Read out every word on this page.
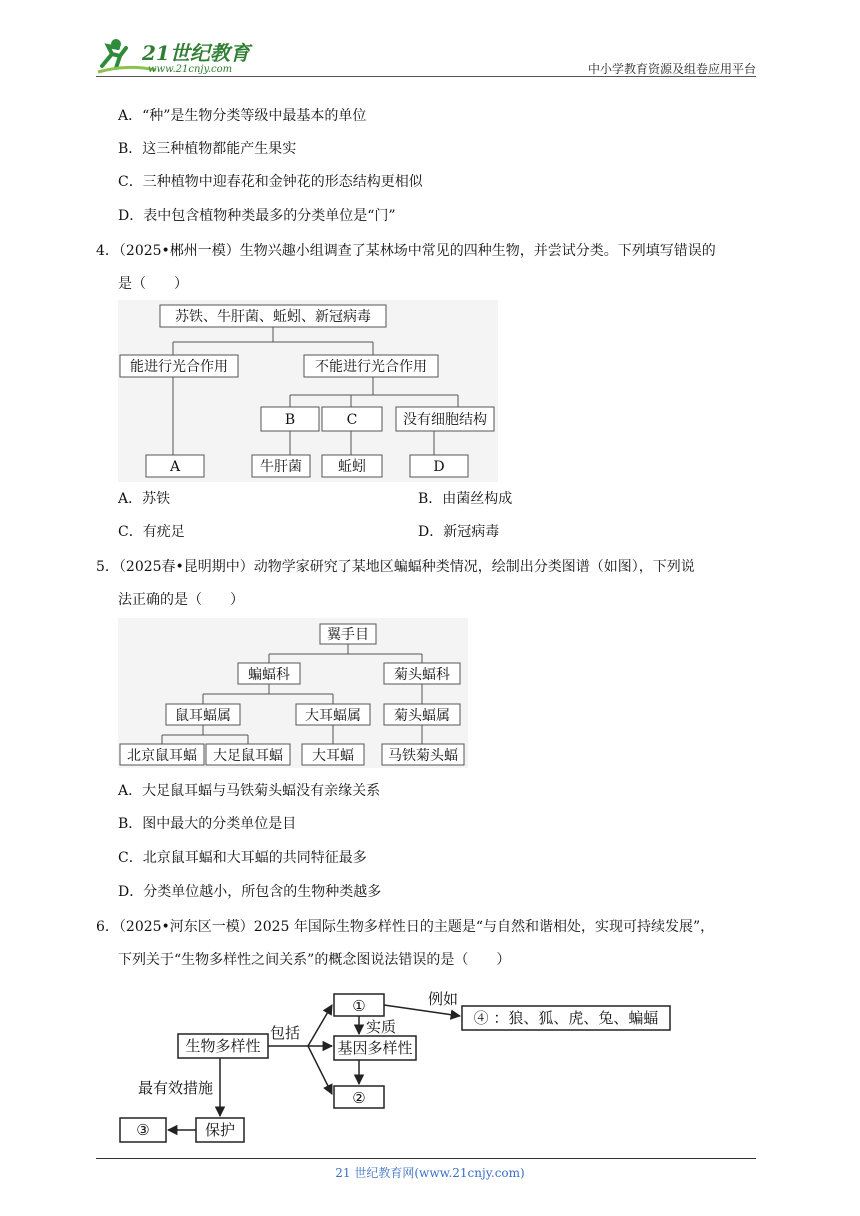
21世纪教育
www.21cnjy.com	中小学教育资源及组卷应用平台
A．“种”是生物分类等级中最基本的单位
B．这三种植物都能产生果实
C．三种植物中迎春花和金钟花的形态结构更相似
D．表中包含植物种类最多的分类单位是“门”
4．（2025•郴州一模）生物兴趣小组调查了某林场中常见的四种生物，并尝试分类。下列填写错误的
是（　　）
苏铁、牛肝菌、蚯蚓、新冠病毒
能进行光合作用	不能进行光合作用
B	C	没有细胞结构
A	牛肝菌	蚯蚓	D
A．苏铁	B．由菌丝构成
C．有疣足	D．新冠病毒
5．（2025春•昆明期中）动物学家研究了某地区蝙蝠种类情况，绘制出分类图谱（如图），下列说
法正确的是（　　）
翼手目
蝙蝠科	菊头蝠科
鼠耳蝠属	大耳蝠属 菊头蝠属
北京鼠耳蝠 大足鼠耳蝠 大耳蝠 马铁菊头蝠
A．大足鼠耳蝠与马铁菊头蝠没有亲缘关系
B．图中最大的分类单位是目
C．北京鼠耳蝠和大耳蝠的共同特征最多
D．分类单位越小，所包含的生物种类越多
6．（2025•河东区一模）2025 年国际生物多样性日的主题是“与自然和谐相处，实现可持续发展”，
下列关于“生物多样性之间关系”的概念图说法错误的是（　　）
生物多样性
包括
①	例如
④ ：狼、狐、虎、兔、蝙蝠
实质
基因多样性
②
最有效措施
保护
③
21 世纪教育网(www.21cnjy.com)
